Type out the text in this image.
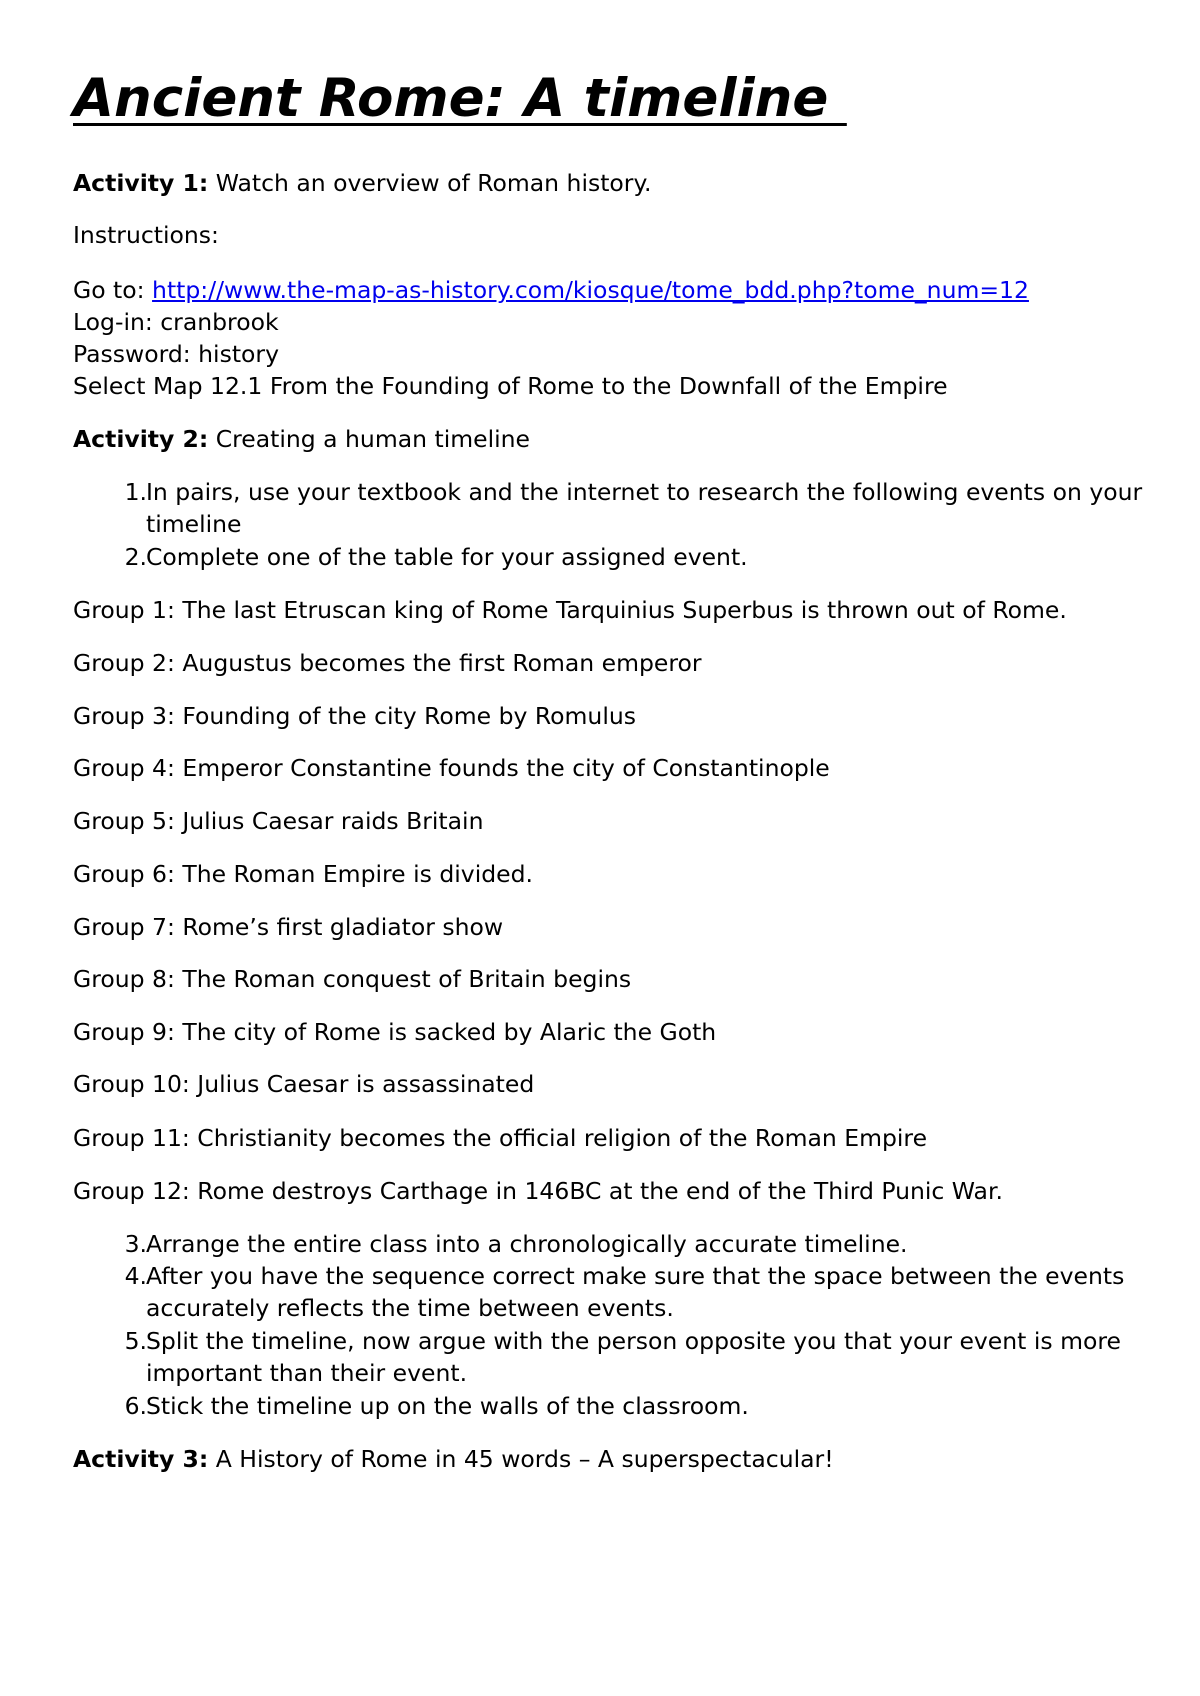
Ancient Rome: A timeline
Activity 1: Watch an overview of Roman history.
Instructions:
Go to: http://www.the-map-as-history.com/kiosque/tome_bdd.php?tome_num=12
Log-in: cranbrook
Password: history
Select Map 12.1 From the Founding of Rome to the Downfall of the Empire
Activity 2: Creating a human timeline
1. In pairs, use your textbook and the internet to research the following events on your timeline
2. Complete one of the table for your assigned event.
Group 1: The last Etruscan king of Rome Tarquinius Superbus is thrown out of Rome.
Group 2: Augustus becomes the first Roman emperor
Group 3: Founding of the city Rome by Romulus
Group 4: Emperor Constantine founds the city of Constantinople
Group 5: Julius Caesar raids Britain
Group 6: The Roman Empire is divided.
Group 7: Rome’s first gladiator show
Group 8: The Roman conquest of Britain begins
Group 9: The city of Rome is sacked by Alaric the Goth
Group 10: Julius Caesar is assassinated
Group 11: Christianity becomes the official religion of the Roman Empire
Group 12: Rome destroys Carthage in 146BC at the end of the Third Punic War.
3. Arrange the entire class into a chronologically accurate timeline.
4. After you have the sequence correct make sure that the space between the events accurately reflects the time between events.
5. Split the timeline, now argue with the person opposite you that your event is more important than their event.
6. Stick the timeline up on the walls of the classroom.
Activity 3: A History of Rome in 45 words – A superspectacular!
